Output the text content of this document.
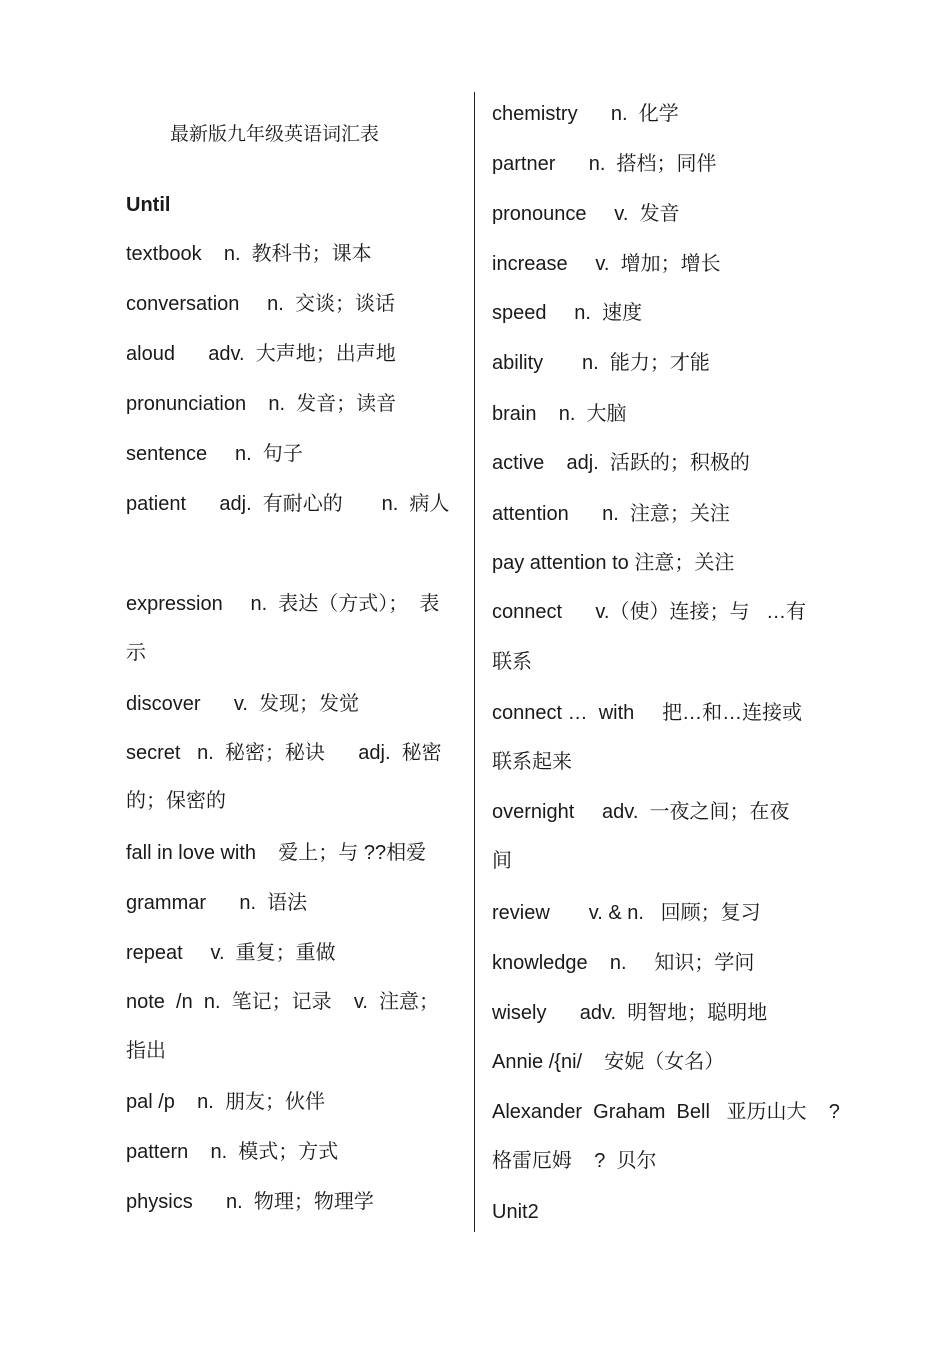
最新版九年级英语词汇表
Until
textbook    n.  教科书；课本
conversation     n.  交谈；谈话
aloud      adv.  大声地；出声地
pronunciation    n.  发音；读音
sentence     n.  句子
patient      adj.  有耐心的       n.  病人
expression     n.  表达（方式）；  表
示
discover      v.  发现；发觉
secret   n.  秘密；秘诀      adj.  秘密
的；保密的
fall in love with    爱上；与 ??相爱
grammar      n.  语法
repeat     v.  重复；重做
note  /n  n.  笔记；记录    v.  注意；
指出
pal /p    n.  朋友；伙伴
pattern    n.  模式；方式
physics      n.  物理；物理学
chemistry      n.  化学
partner      n.  搭档；同伴
pronounce     v.  发音
increase     v.  增加；增长
speed     n.  速度
ability       n.  能力；才能
brain    n.  大脑
active    adj.  活跃的；积极的
attention      n.  注意；关注
pay attention to 注意；关注
connect      v.（使）连接；与   …有
联系
connect …  with     把…和…连接或
联系起来
overnight     adv.  一夜之间；在夜
间
review       v. & n.   回顾；复习
knowledge    n.     知识；学问
wisely      adv.  明智地；聪明地
Annie /{ni/    安妮（女名）
Alexander  Graham  Bell   亚历山大    ?
格雷厄姆    ?  贝尔
Unit2
